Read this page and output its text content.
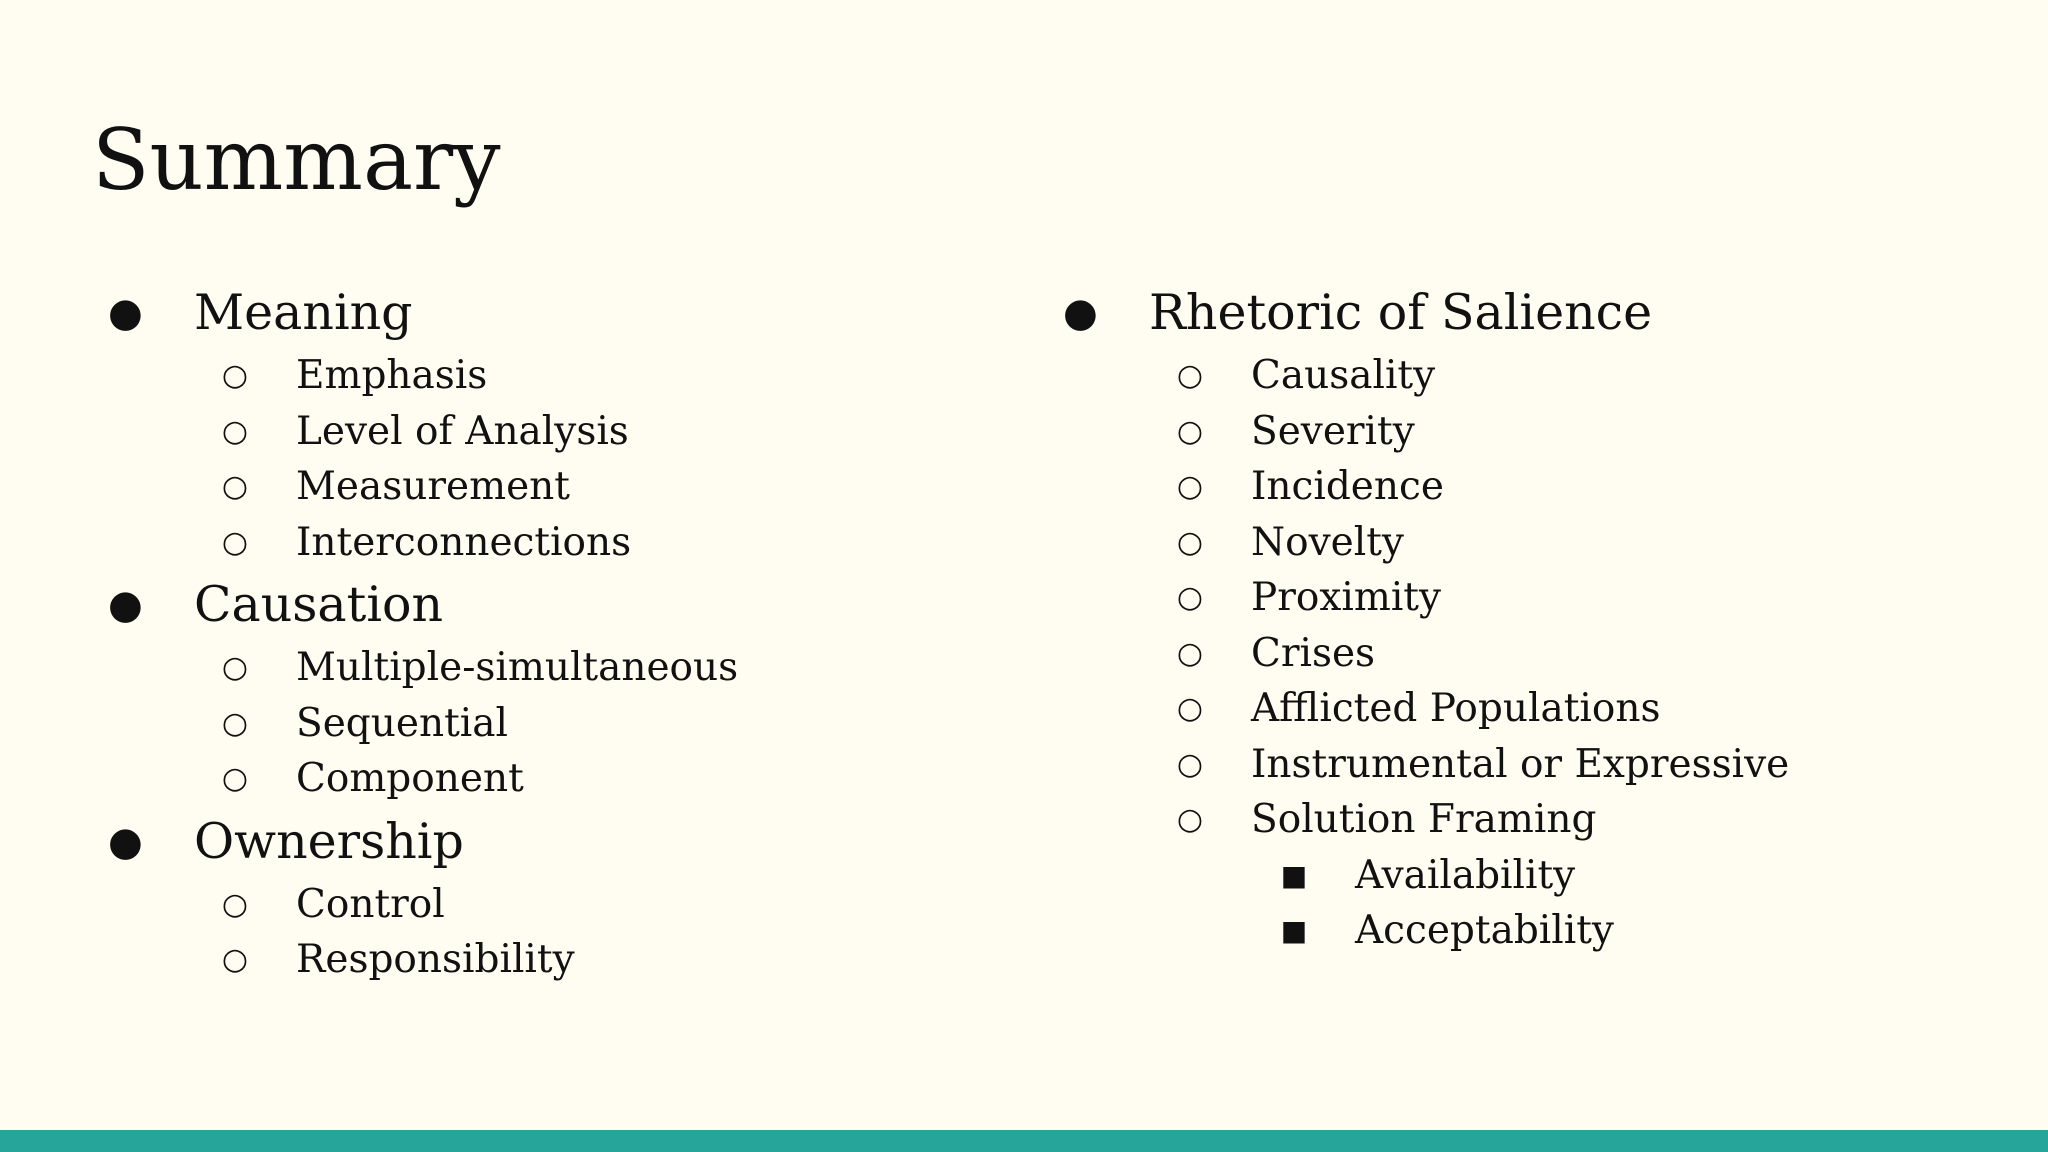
Summary
● Meaning
○ Emphasis
○ Level of Analysis
○ Measurement
○ Interconnections
● Causation
○ Multiple-simultaneous
○ Sequential
○ Component
● Ownership
○ Control
○ Responsibility
● Rhetoric of Salience
○ Causality
○ Severity
○ Incidence
○ Novelty
○ Proximity
○ Crises
○ Afflicted Populations
○ Instrumental or Expressive
○ Solution Framing
■ Availability
■ Acceptability
